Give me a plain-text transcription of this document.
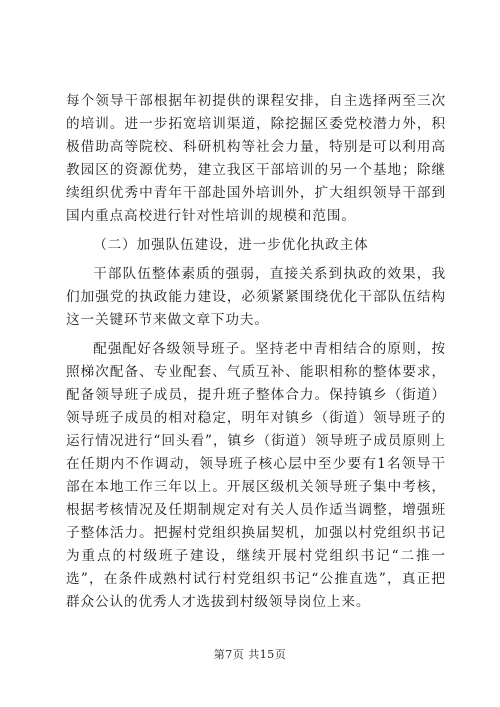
每个领导干部根据年初提供的课程安排，自主选择两至三次的培训。进一步拓宽培训渠道，除挖掘区委党校潜力外，积极借助高等院校、科研机构等社会力量，特别是可以利用高教园区的资源优势，建立我区干部培训的另一个基地；除继续组织优秀中青年干部赴国外培训外，扩大组织领导干部到国内重点高校进行针对性培训的规模和范围。

（二）加强队伍建设，进一步优化执政主体

干部队伍整体素质的强弱，直接关系到执政的效果，我们加强党的执政能力建设，必须紧紧围绕优化干部队伍结构这一关键环节来做文章下功夫。

配强配好各级领导班子。坚持老中青相结合的原则，按照梯次配备、专业配套、气质互补、能职相称的整体要求，配备领导班子成员，提升班子整体合力。保持镇乡（街道）领导班子成员的相对稳定，明年对镇乡（街道）领导班子的运行情况进行“回头看”，镇乡（街道）领导班子成员原则上在任期内不作调动，领导班子核心层中至少要有1名领导干部在本地工作三年以上。开展区级机关领导班子集中考核，根据考核情况及任期制规定对有关人员作适当调整，增强班子整体活力。把握村党组织换届契机，加强以村党组织书记为重点的村级班子建设，继续开展村党组织书记“二推一选”，在条件成熟村试行村党组织书记“公推直选”，真正把群众公认的优秀人才选拔到村级领导岗位上来。

第7页 共15页
